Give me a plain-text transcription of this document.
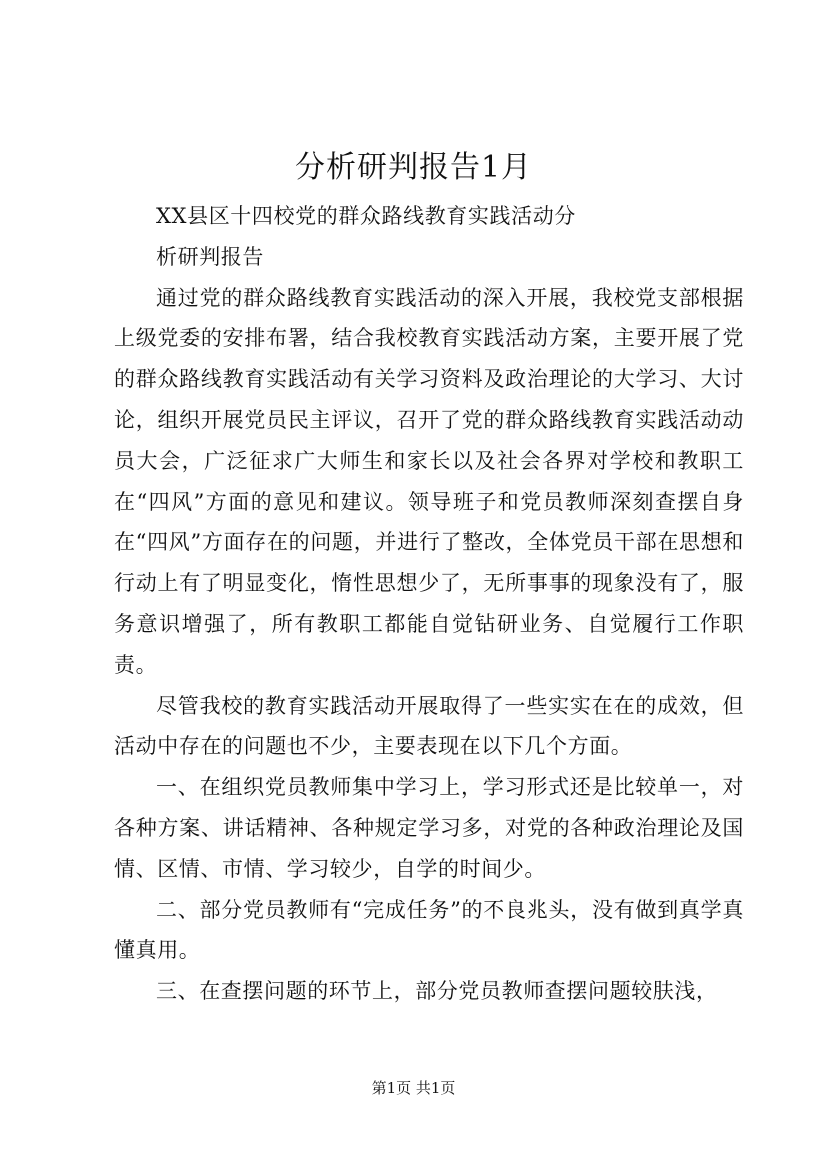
分析研判报告1月

XX县区十四校党的群众路线教育实践活动分

析研判报告

通过党的群众路线教育实践活动的深入开展，我校党支部根据上级党委的安排布署，结合我校教育实践活动方案，主要开展了党的群众路线教育实践活动有关学习资料及政治理论的大学习、大讨论，组织开展党员民主评议，召开了党的群众路线教育实践活动动员大会，广泛征求广大师生和家长以及社会各界对学校和教职工在“四风”方面的意见和建议。领导班子和党员教师深刻查摆自身在“四风”方面存在的问题，并进行了整改，全体党员干部在思想和行动上有了明显变化，惰性思想少了，无所事事的现象没有了，服务意识增强了，所有教职工都能自觉钻研业务、自觉履行工作职责。

尽管我校的教育实践活动开展取得了一些实实在在的成效，但活动中存在的问题也不少，主要表现在以下几个方面。

一、在组织党员教师集中学习上，学习形式还是比较单一，对各种方案、讲话精神、各种规定学习多，对党的各种政治理论及国情、区情、市情、学习较少，自学的时间少。

二、部分党员教师有“完成任务”的不良兆头，没有做到真学真懂真用。

三、在查摆问题的环节上，部分党员教师查摆问题较肤浅，

第1页 共1页
